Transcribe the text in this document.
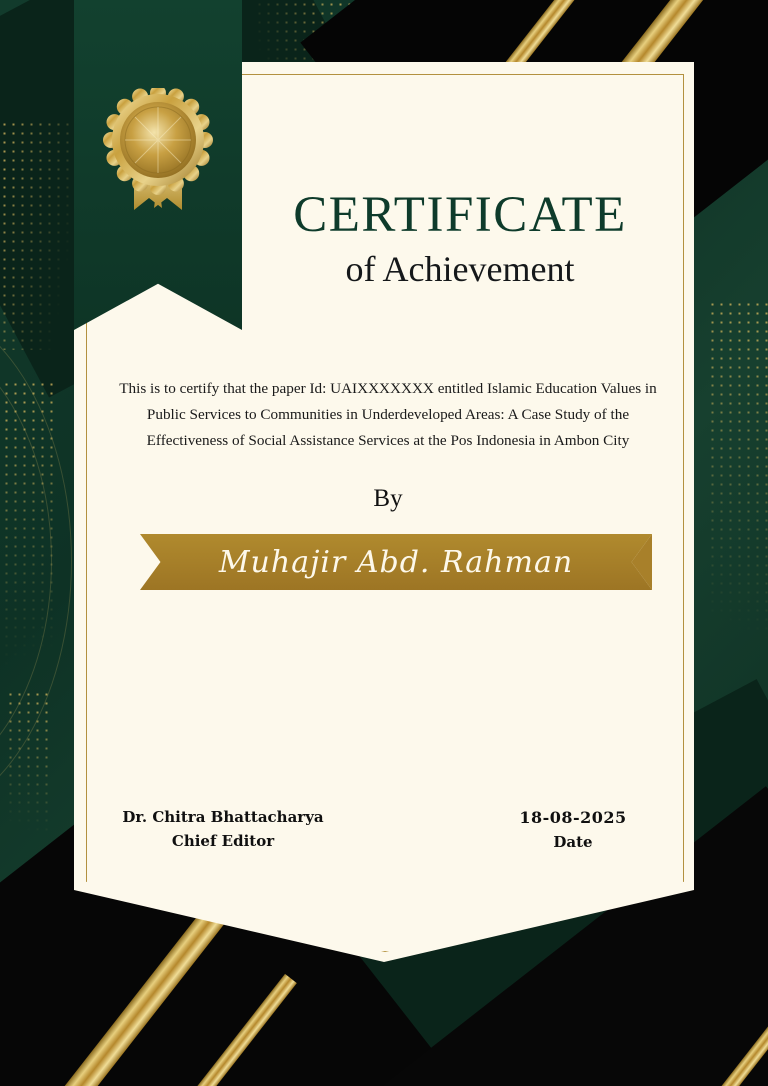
CERTIFICATE
of Achievement
This is to certify that the paper Id: UAIXXXXXXX entitled Islamic Education Values in Public Services to Communities in Underdeveloped Areas: A Case Study of the Effectiveness of Social Assistance Services at the Pos Indonesia in Ambon City
By
Muhajir Abd. Rahman
Dr. Chitra Bhattacharya
Chief Editor
18-08-2025
Date
